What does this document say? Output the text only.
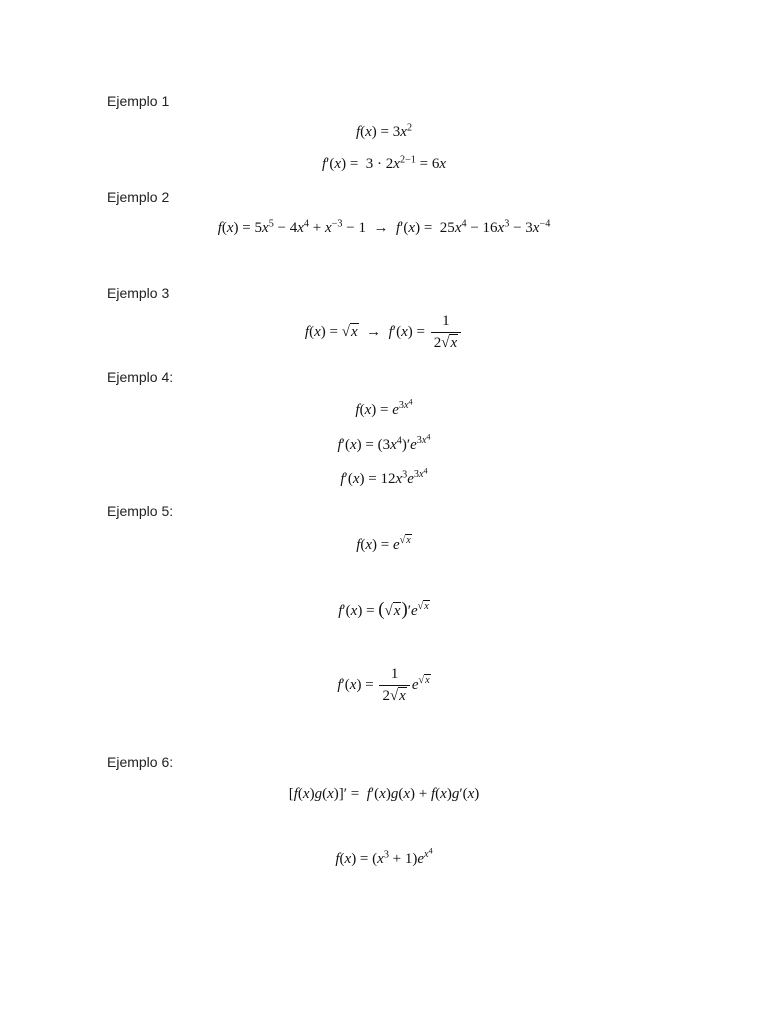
Ejemplo 1
$f(x) = 3x^2$
$f'(x) = 3 \cdot 2x^{2-1} = 6x$
Ejemplo 2
$f(x) = 5x^5 - 4x^4 + x^{-3} - 1 \to f'(x) = 25x^4 - 16x^3 - 3x^{-4}$
Ejemplo 3
$f(x) = √x \to f'(x) = \frac{1}{2√x}$
Ejemplo 4:
$f(x) = e^{3x^4}$
$f'(x) = (3x^4)'e^{3x^4}$
$f'(x) = 12x^3e^{3x^4}$
Ejemplo 5:
$f(x) = e^{√x}$
$f'(x) = (√x)'e^{√x}$
$f'(x) = \frac{1}{2√x} e^{√x}$
Ejemplo 6:
[f(x)g(x)]′ =  f′(x)g(x) + f(x)g′(x)
$f(x) = (x^3 + 1)e^{x^4}$
